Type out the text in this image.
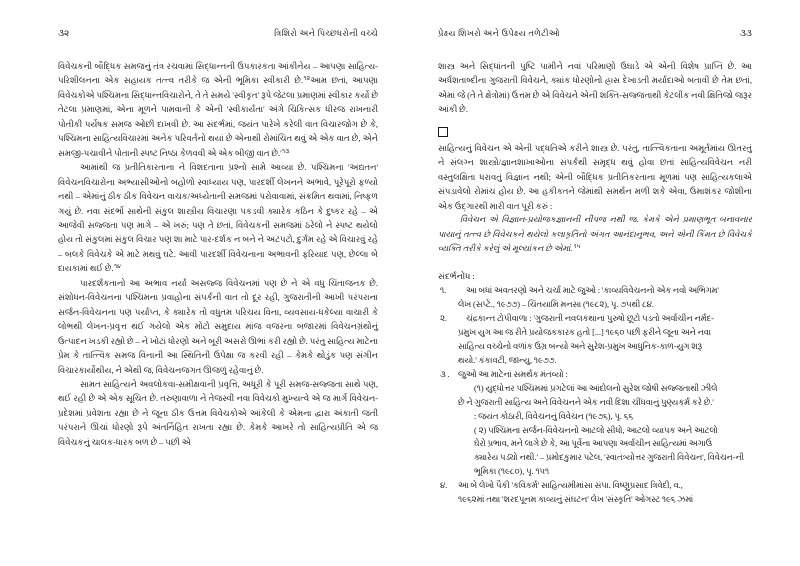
૩૨	ત્રિશિરો અને પિચ્છધરોની વચ્ચે

વિવેચકની બૌદ્ધિક સમજનું તંત્ર રચવામાં સિદ્ધાન્તની ઉપકારકતા આંકીનેય – આપણા સાહિત્ય-પરિશીલનના એક સહાયક તત્ત્વ તરીકે જ એની ભૂમિકા સ્વીકારી છે.$^{૧૨}$આમ છતાં, આપણા વિવેચકોએ પશ્ચિમના સિદ્ધાન્તવિચારોને, તે તે સમયે 'સ્વીકૃત' રૂપે જેટલા પ્રમાણમાં સ્વીકાર કર્યો છે તેટલા પ્રમાણમાં, એના મૂળને પામવાની કે એની 'સ્વીકાર્યતા' અંગે ચિકિત્સક ધીરજ રાખનારી પોતીકી પર્યેષક સમજ ઓછી દાખવી છે. આ સંદર્ભમાં, જયંત પારેખે કરેલી વાત વિચારજોગ છે કે, પશ્ચિમના સાહિત્યવિચારમાં અનેક પરિવર્તનો થયાં છે એનાથી રોમાંચિત થવું એ એક વાત છે, એને સમજી-પચાવીને પોતાની સ્પષ્ટ નિષ્ઠા કેળવવી એ એક બીજી વાત છે.'$^{૧૩}$

આમાંથી જ પ્રતીતિકારતાના ને વિશદતાના પ્રશ્નો સામે આવ્યા છે. પશ્ચિમના 'અદ્યતન' વિવેચનવિચારોના અભ્યાસીઓનો બહોળો સ્વાધ્યાય પણ, પારદર્શી લેખનને અભાવે, પૂરેપૂરો ફળ્યો નથી – એમાંનું ઠીક ઠીક વિવેચન વાચક/અધ્યેતાની સમજમાં પરોવાવામાં, સંક્રમિત થવામાં, નિષ્ફળ ગયું છે. નવા સંદર્ભો સાથેની સંકુલ શાસ્ત્રીય વિચારણા પકડવી ક્યારેક કઠિન કે દુષ્કર રહે – એ આજેવી સજ્જતા પણ માગે – એ ખરું; પણ તે છતાં, વિવેચકની સમજમાં ઠરેલો ને સ્પષ્ટ થયેલો હોય તો સંકુલમાં સંકુલ વિચાર પણ શા માટે પાર-દર્શક ન બને ને અટપટો, દુર્ગમ રહે એ વિચારવું રહે – બલકે વિવેચકે એ માટે મથવું ઘટે. આવી પારદર્શી વિવેચનાના અભાવની ફરિયાદ પણ, છેલ્લા બે દાયકામાં થઈ છે.$^{૧૪}$

પારદર્શકતાનો આ અભાવ નર્યા અસજ્જ વિવેચનમાં પણ છે ને એ વધુ ચિંતાજનક છે. સંશોધન-વિવેચનના પશ્ચિમના પ્રવાહોના સંપર્કની વાત તો દૂર રહી, ગુજરાતીની આખી પરંપરાના સર્જન-વિવેચનના પણ પર્યાપ્ત, કે ક્યારેક તો વધુતમ પરિચય વિના, વ્યવસાય-ધકેલ્યા વાચારી કે લોભથી લેખન-પ્રવૃત્ત થઈ ગયેલો એક મોટો સમુદાય માંજ વજરના બજારમાં વિવેચનગ્રંથોનું ઉત્પાદન ખડકી રહ્યો છે – ને ખોટાં ધોરણો અને બૂરી અસરો ઊભાં કરી રહ્યો છે. પરંતુ સાહિત્ય માટેના પ્રેમ કે તાત્ત્વિક સમજ વિનાની આ સ્થિતિની ઉપેક્ષા જ કરવી રહી – કેમકે થોડુંક પણ સંગીન વિચારકાર્યોથીય, ને એથી જ, વિવેચનજગત ઊજળું રહેવાનું છે.

સામત સાહિત્યને અવલોકવા-સમીક્ષવાની પ્રવૃત્તિ, અધૂરી કે પૂરી સમજ-સજ્જતા સાથે પણ, થઈ રહી છે એ એક સૂચિત છે. તરુણાવાળા ને તેજસ્વી નવા વિવેચકો મુખ્યત્વે એ જ માર્ગે વિવેચન-પ્રદેશમાં પ્રવેશતા રહ્યા છે ને જૂના ઠીક ઉત્તમ વિવેચકોએ આંકેલી કે એમના દ્વારા અંકાતી જતી પરંપરાને ઊંચાં ધોરણો રૂપે અંતર્નિહિત રાખતા રહ્યા છે. કેમકે આખરે તો સાહિત્યપ્રીતિ એ જ વિવેચકનું ચાલક-ધારક બળ છે – પછી એ

પ્રેક્ષ્ય શિખરો અને ઉપેક્ષ્ય તળેટીઓ	૩૩

શાસ્ત્ર અને સિદ્ધાંતની પુષ્ટિ પામીને નવાં પરિમાણો ઉઘાડે એ એની વિશેષ પ્રાપ્તિ છે. આ અર્ધશતાબ્દીના ગુજરાતી વિવેચને, ક્યાંક ધોરણોનો હ્રાસ દેખાડતી મર્યાદાઓ બતાવી છે તેમ છતાં, એમાં જે (તે તે ક્ષેત્રોમાં) ઉત્તમ છે એ વિવેચને એની શક્તિ-સજ્જતાથી કેટલીક નવી ક્ષિતિજો જરૂર આંકી છે.

સાહિત્યનું વિવેચન એ એની પદ્ધતિએ કરીને શાસ્ત્ર છે. પરંતુ, તાત્ત્વિકતાના અમૂર્તમાંય ઊતરતું ને સંલગ્ન શાસ્ત્રો/જ્ઞાનશાખાઓના સંપર્કથી સમૃદ્ધ થવું હોવા છતાં સાહિત્યવિવેચન નરી વસ્તુલક્ષિતા ધરાવતું વિજ્ઞાન નથી; એની બૌદ્ધિક પ્રતીતિકરતાના મૂળમાં પણ સાહિત્યકલાએ સંપડાવેલો રોમાંચ હોય છે. આ હકીકતને જેમાંથી સમર્થન મળી શકે એવા, ઉમાશંકર જોશીના એક ઉદ્ગારથી મારી વાત પૂરી કરું :

વિવેચન એ વિજ્ઞાન-પ્રયોજકજ્ઞાનની નીપજ નથી જ. કેમકે એને પ્રમાણભૂત બનાવનાર પાયાનું તત્ત્વ છે વિવેચકને થયેલો કલાકૃતિનો અંગત આનંદાનુભવ, અને એની કિંમત છે વિવેચકે વ્યક્તિ તરીકે કરેલું એ મૂલ્યાંકન છે એમાં.$^{૧૫}$

સંદર્ભનોંધ :

૧.	આ બધાં અવતરણો અને ચર્ચા માટે જુઓ : 'કાવ્યવિવેચનનો એક નવો અભિગમ'
લેખ (સપ્ટે., ૧૯૭૭) – ચિંતયામિ મનસા (૧૯૮૨), પૃ. ૭૫થી ૮૪.
૨.	ચંદ્રકાન્ત ટોપીવાળા : 'ગુજરાતી નવલકથાના પુરુષો છૂટો પડતો અર્વાચીન નર્મદ-
પ્રમુખ યુગ આ જ રીતે પ્રયોજકકારક હતો [...] ૧૯૬૦ પછી ફરીને જૂના અને નવા
સાહિત્ય વચ્ચેનો વળાંક ઉગ્ર બન્યો અને સુરેશ-પ્રમુખ આધુનિક-કાળ-યુગ શરૂ
થયો.' કંકાવટી, જાન્યુ, ૧૯૭૭.
૩ .	જુઓ આ માટેનાં સમર્થક મંતવ્યો :
(૧) યુદ્ધોત્તર પશ્ચિમમાં પ્રગટેલાં આ આંદોલનો સુરેશ જોષી સજ્જતાથી ઝીલે
છે ને ગુજરાતી સાહિત્ય અને વિવેચનને એક નવી દિશા ચીંધવાનું પુણ્યકર્મ કરે છે.'
: જયંત કોઠારી, વિવેચનનું વિવેચન (૧૯૭૬), પૃ. ૬૬
( ૨) પશ્ચિમના સર્જન-વિવેચનનો આટલો સીધો, આટલો વ્યાપક અને આટલો
ઘેરો પ્રભાવ, મને લાગે છે કે, આ પૂર્વેના આપણા અર્વાચીન સાહિત્યમાં અગાઉ
ક્યારેય પડ્યો નથી.' – પ્રમોદકુમાર પટેલ, 'સ્વાતંત્ર્યોત્તર ગુજરાતી વિવેચન', વિવેચન-ની
ભૂમિકા (૧૯૮૦), પૃ. ૧૫૧
૪.	આ બે લેખો પૈકી 'કવિકર્મ' સાહિત્યમીમાંસા સંપા. વિષ્ણુપ્રસાદ ત્રિવેદી, વ.,
૧૯૬૨માં તથા 'શરદપૂનમ કાવ્યનું સંઘટન' લેખ 'સંસ્કૃતિ' ઓગસ્ટ ૧૯૬ ઝમાં
